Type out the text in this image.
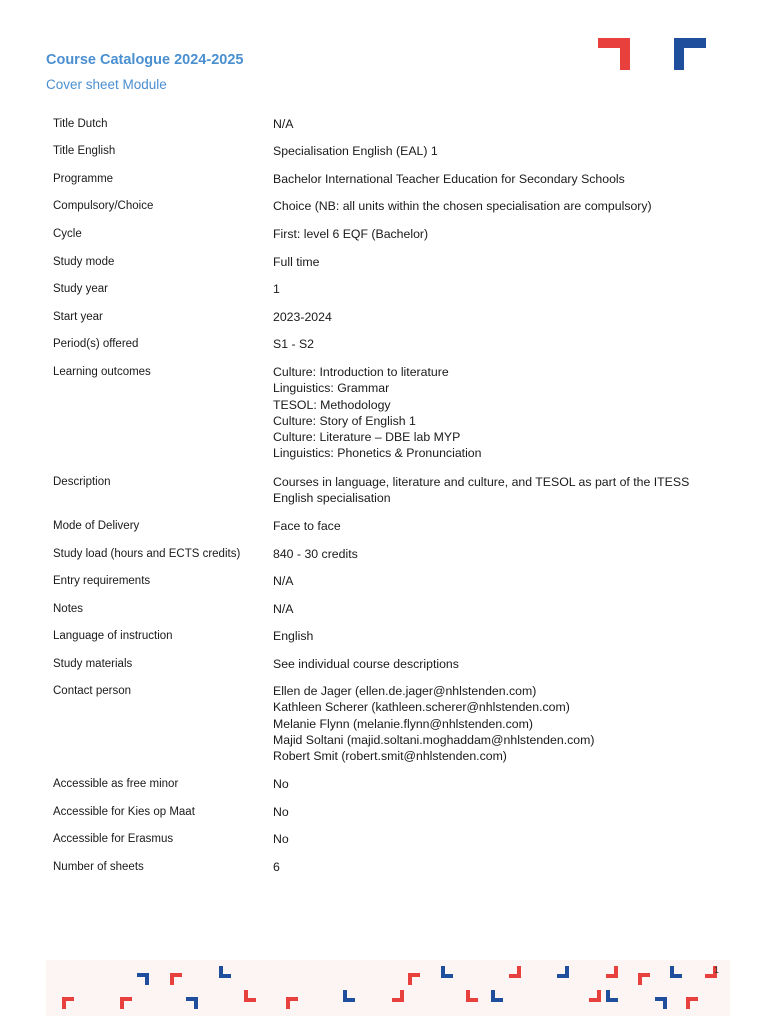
Course Catalogue 2024-2025
Cover sheet Module
Title Dutch	N/A
Title English	Specialisation English (EAL) 1
Programme	Bachelor International Teacher Education for Secondary Schools
Compulsory/Choice	Choice (NB: all units within the chosen specialisation are compulsory)
Cycle	First: level 6 EQF (Bachelor)
Study mode	Full time
Study year	1
Start year	2023-2024
Period(s) offered	S1 - S2
Learning outcomes	Culture: Introduction to literature
Linguistics: Grammar
TESOL: Methodology
Culture: Story of English 1
Culture: Literature – DBE lab MYP
Linguistics: Phonetics & Pronunciation
Description	Courses in language, literature and culture, and TESOL as part of the ITESS
English specialisation
Mode of Delivery	Face to face
Study load (hours and ECTS credits)	840 - 30 credits
Entry requirements	N/A
Notes	N/A
Language of instruction	English
Study materials	See individual course descriptions
Contact person	Ellen de Jager (ellen.de.jager@nhlstenden.com)
Kathleen Scherer (kathleen.scherer@nhlstenden.com)
Melanie Flynn (melanie.flynn@nhlstenden.com)
Majid Soltani (majid.soltani.moghaddam@nhlstenden.com)
Robert Smit (robert.smit@nhlstenden.com)
Accessible as free minor	No
Accessible for Kies op Maat	No
Accessible for Erasmus	No
Number of sheets	6
1
